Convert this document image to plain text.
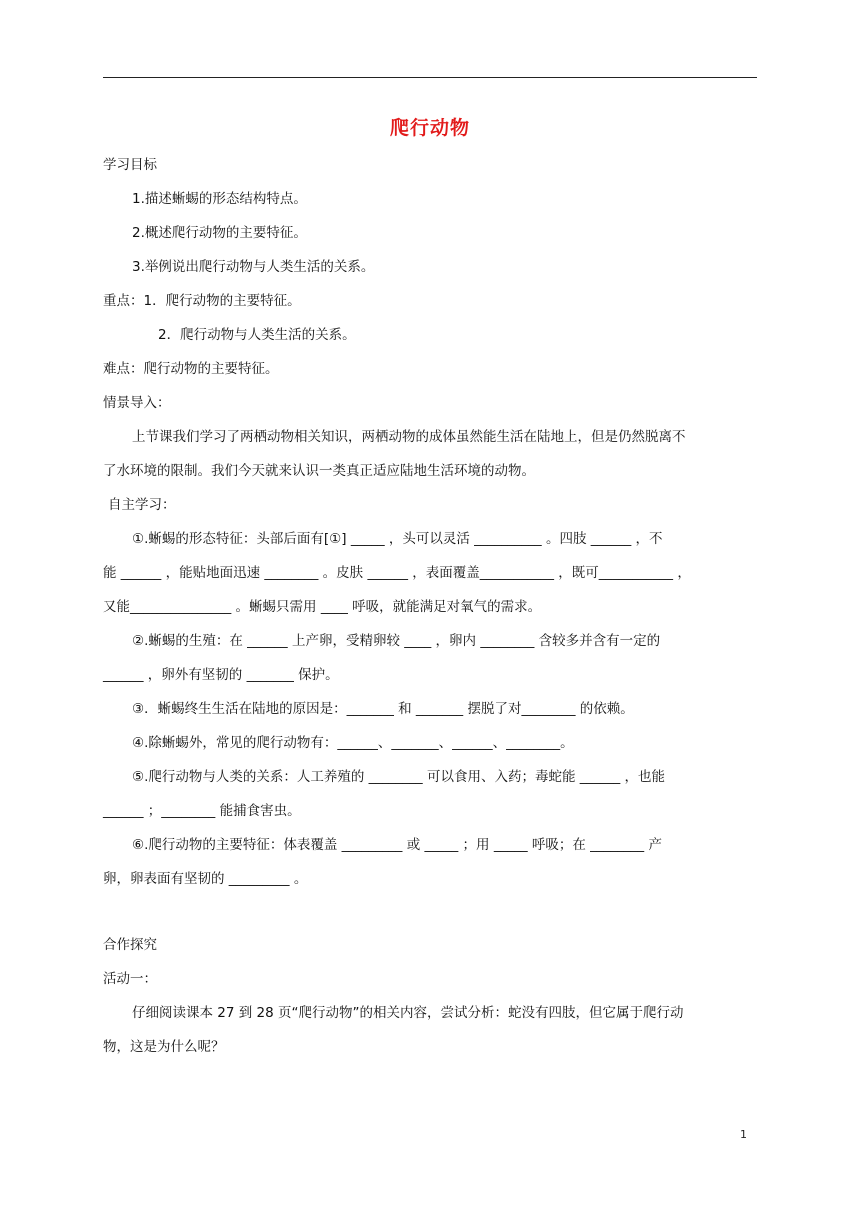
爬行动物
学习目标
1.描述蜥蜴的形态结构特点。
2.概述爬行动物的主要特征。
3.举例说出爬行动物与人类生活的关系。
重点：1．爬行动物的主要特征。
2．爬行动物与人类生活的关系。
难点：爬行动物的主要特征。
情景导入：
上节课我们学习了两栖动物相关知识，两栖动物的成体虽然能生活在陆地上，但是仍然脱离不
了水环境的限制。我们今天就来认识一类真正适应陆地生活环境的动物。
自主学习：
①.蜥蜴的形态特征：头部后面有[①] _____ ，头可以灵活 __________ 。四肢 ______ ，不
能 ______ ，能贴地面迅速 ________ 。皮肤 ______ ，表面覆盖___________ ，既可___________ ，
又能_______________ 。蜥蜴只需用 ____ 呼吸，就能满足对氧气的需求。
②.蜥蜴的生殖：在 ______ 上产卵，受精卵较 ____ ，卵内 ________ 含较多并含有一定的
______ ，卵外有坚韧的 _______ 保护。
③．蜥蜴终生生活在陆地的原因是：_______ 和 _______ 摆脱了对________ 的依赖。
④.除蜥蜴外，常见的爬行动物有：______、_______、______、________。
⑤.爬行动物与人类的关系：人工养殖的 ________ 可以食用、入药；毒蛇能 ______ ，也能
______ ；________ 能捕食害虫。
⑥.爬行动物的主要特征：体表覆盖 _________ 或 _____ ；用 _____ 呼吸；在 ________ 产
卵，卵表面有坚韧的 _________ 。
合作探究
活动一：
仔细阅读课本 27 到 28 页“爬行动物”的相关内容，尝试分析：蛇没有四肢，但它属于爬行动
物，这是为什么呢？
1
